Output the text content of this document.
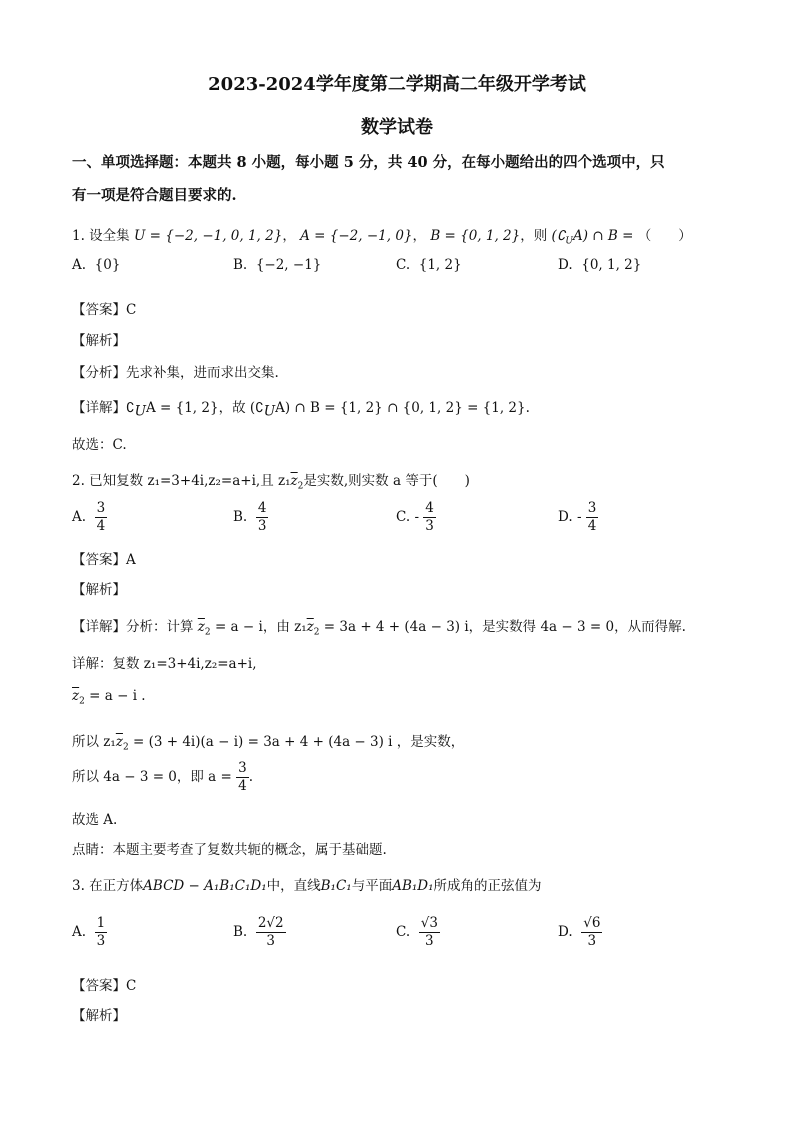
2023-2024学年度第二学期高二年级开学考试
数学试卷
一、单项选择题：本题共 8 小题，每小题 5 分，共 40 分，在每小题给出的四个选项中，只
有一项是符合题目要求的.
1. 设全集 U = {−2, −1, 0, 1, 2}， A = {−2, −1, 0}， B = {0, 1, 2}，则 $(∁_UA)$ ∩ B = （　　）
A. {0}	B. {−2, −1}	C. {1, 2}	D. {0, 1, 2}
【答案】C
【解析】
【分析】先求补集，进而求出交集.
【详解】$∁_UA = \{1$, 2}，故 $(∁_UA)$ ∩ B = {1, 2} ∩ {0, 1, 2} = {1, 2}.
故选：C.
2. 已知复数 z₁=3+4i,z₂=a+i,且 $z_1\overline{z}_2$是实数,则实数 a 等于(　　)
A. $\frac{3}{4}$	B. $\frac{4}{3}$	C. - $\frac{4}{3}$	D. - $\frac{3}{4}$
【答案】A
【解析】
【详解】分析：计算 $\overline{z}_2 = a - i$，由 $z_1\overline{z}_2 = 3a + 4 + (4a - 3)$ i，是实数得 4a − 3 = 0，从而得解.
详解：复数 z₁=3+4i,z₂=a+i,
$\overline{z}_2 = a - i$ .
所以 $z_1\overline{z}_2 = (3 + 4i)(a - i) = 3a + 4 + (4a - 3)$ i ，是实数，
所以 4a − 3 = 0，即 $a = \frac{3}{4}$ .
故选 A.
点睛：本题主要考查了复数共轭的概念，属于基础题.
3. 在正方体ABCD − A₁B₁C₁D₁中，直线B₁C₁与平面AB₁D₁所成角的正弦值为
A. $\frac{1}{3}$	B. $\frac{2√2}{3}$	C. $\frac{√3}{3}$	D. $\frac{√6}{3}$
【答案】C
【解析】
